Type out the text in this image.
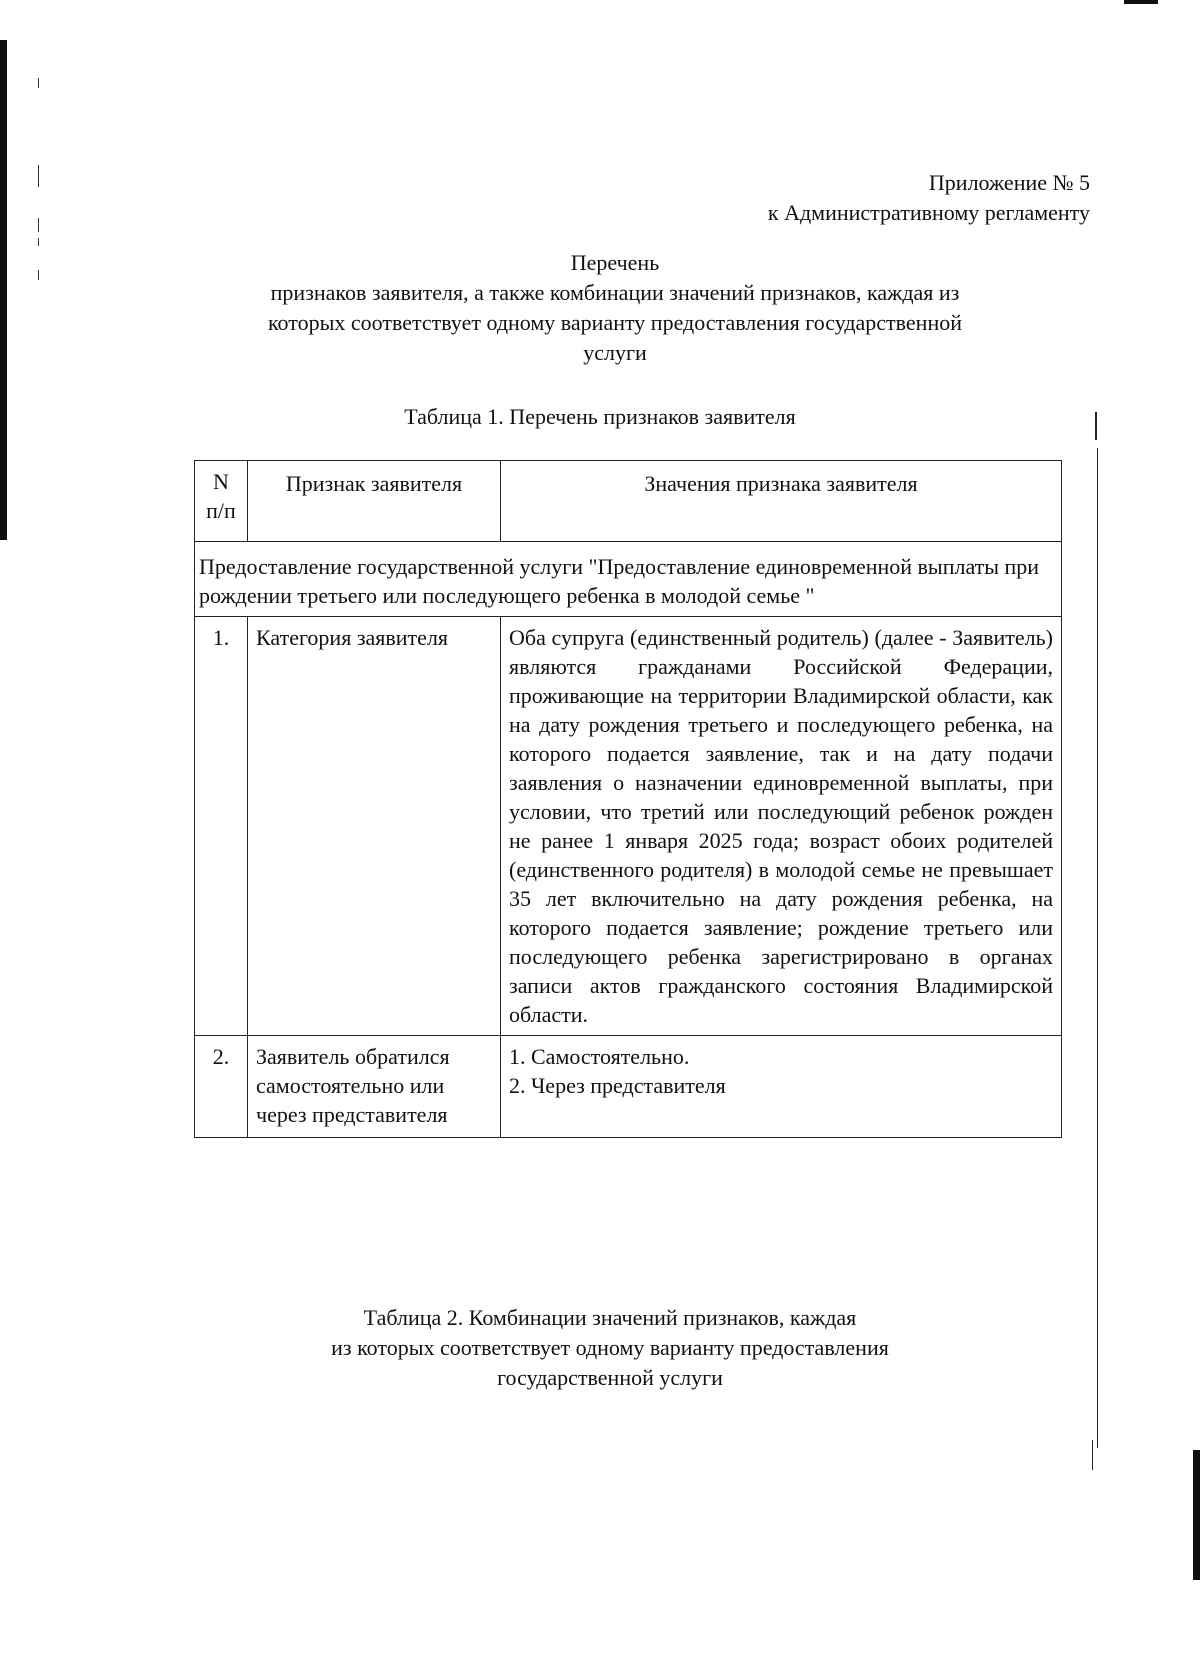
Приложение № 5
к Административному регламенту
Перечень
признаков заявителя, а также комбинации значений признаков, каждая из
которых соответствует одному варианту предоставления государственной
услуги
Таблица 1. Перечень признаков заявителя
N
п/п	Признак заявителя	Значения признака заявителя
Предоставление государственной услуги "Предоставление единовременной выплаты при рождении третьего или последующего ребенка в молодой семье "		
1.	Категория заявителя	Оба супруга (единственный родитель) (далее - Заявитель) являются гражданами Российской Федерации, проживающие на территории Владимирской области, как на дату рождения третьего и последующего ребенка, на которого подается заявление, так и на дату подачи заявления о назначении единовременной выплаты, при условии, что третий или последующий ребенок рожден не ранее 1 января 2025 года; возраст обоих родителей (единственного родителя) в молодой семье не превышает 35 лет включительно на дату рождения ребенка, на которого подается заявление; рождение третьего или последующего ребенка зарегистрировано в органах записи актов гражданского состояния Владимирской области.
2.	Заявитель обратился самостоятельно или через представителя	1. Самостоятельно.
2. Через представителя
Таблица 2. Комбинации значений признаков, каждая
из которых соответствует одному варианту предоставления
государственной услуги
